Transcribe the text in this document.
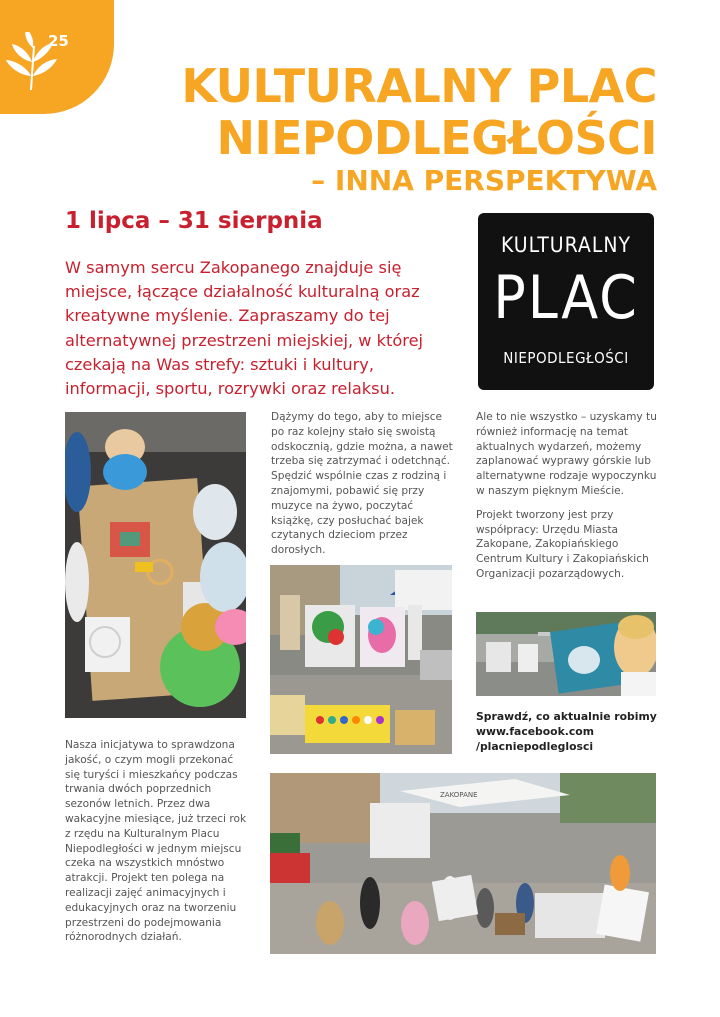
25
KULTURALNY PLAC
NIEPODLEGŁOŚCI
– INNA PERSPEKTYWA
1 lipca – 31 sierpnia
W samym sercu Zakopanego znajduje się miejsce, łączące działalność kulturalną oraz kreatywne myślenie. Zapraszamy do tej alternatywnej przestrzeni miejskiej, w której czekają na Was strefy: sztuki i kultury, informacji, sportu, rozrywki oraz relaksu.
KULTURALNY
PLAC
NIEPODLEGŁOŚCI

Nasza inicjatywa to sprawdzona jakość, o czym mogli przekonać się turyści i mieszkańcy podczas trwania dwóch poprzednich sezonów letnich. Przez dwa wakacyjne miesiące, już trzeci rok z rzędu na Kulturalnym Placu Niepodległości w jednym miejscu czeka na wszystkich mnóstwo atrakcji. Projekt ten polega na realizacji zajęć animacyjnych i edukacyjnych oraz na tworzeniu przestrzeni do podejmowania różnorodnych działań.

Dążymy do tego, aby to miejsce po raz kolejny stało się swoistą odskocznią, gdzie można, a nawet trzeba się zatrzymać i odetchnąć. Spędzić wspólnie czas z rodziną i znajomymi, pobawić się przy muzyce na żywo, poczytać książkę, czy posłuchać bajek czytanych dzieciom przez dorosłych.

Ale to nie wszystko – uzyskamy tu również informację na temat aktualnych wydarzeń, możemy zaplanować wyprawy górskie lub alternatywne rodzaje wypoczynku w naszym pięknym Mieście.

Projekt tworzony jest przy współpracy: Urzędu Miasta Zakopane, Zakopiańskiego Centrum Kultury i Zakopiańskich Organizacji pozarządowych.

Sprawdź, co aktualnie robimy
www.facebook.com
/placniepodleglosci
ZAKOPANE
